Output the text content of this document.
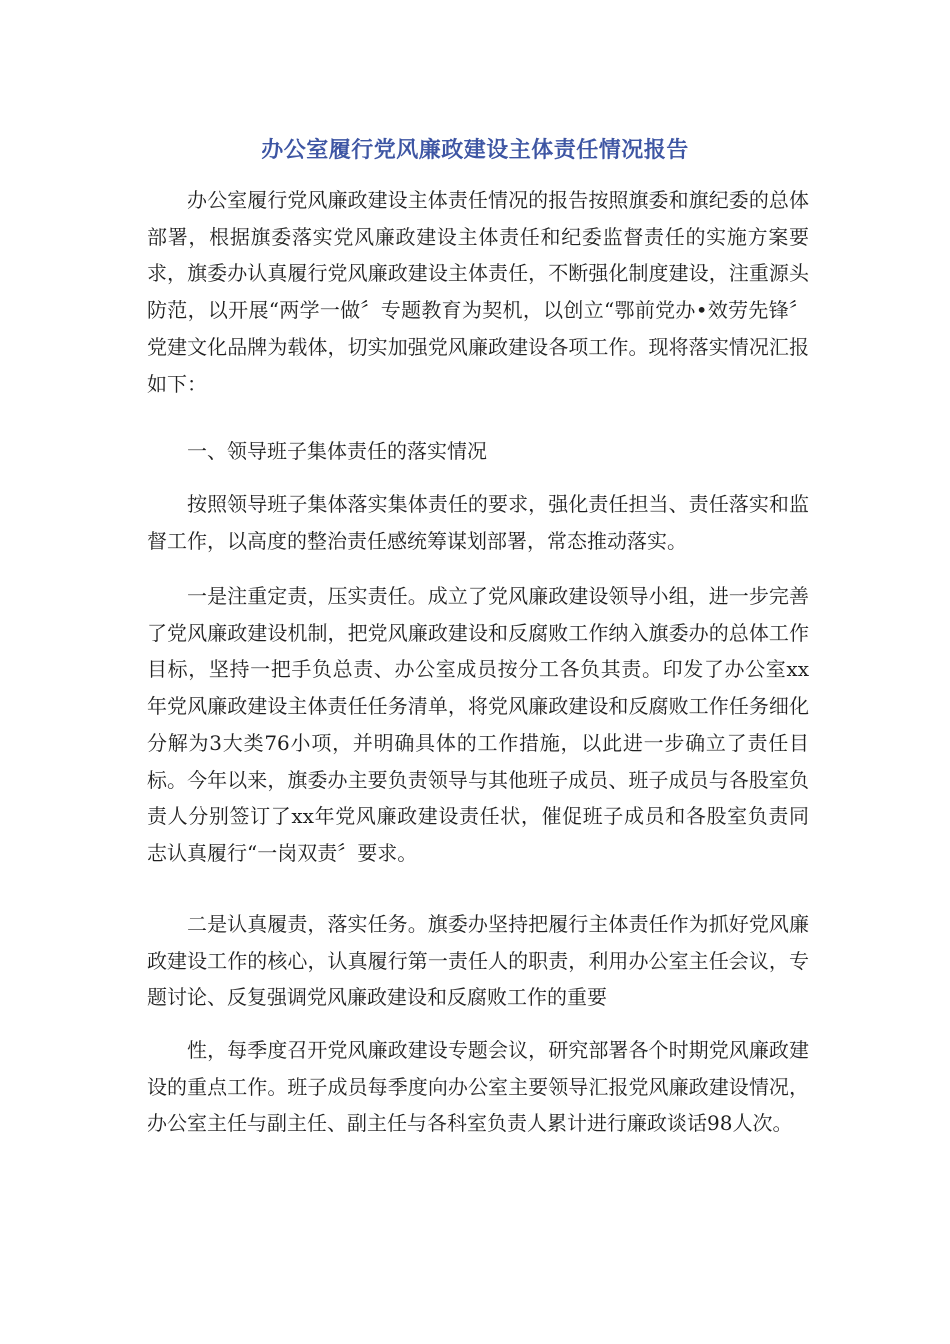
办公室履行党风廉政建设主体责任情况报告

办公室履行党风廉政建设主体责任情况的报告按照旗委和旗纪委的总体部署，根据旗委落实党风廉政建设主体责任和纪委监督责任的实施方案要求，旗委办认真履行党风廉政建设主体责任，不断强化制度建设，注重源头防范，以开展“两学一做〞专题教育为契机，以创立“鄂前党办•效劳先锋〞党建文化品牌为载体，切实加强党风廉政建设各项工作。现将落实情况汇报如下：

一、领导班子集体责任的落实情况

按照领导班子集体落实集体责任的要求，强化责任担当、责任落实和监督工作，以高度的整治责任感统筹谋划部署，常态推动落实。

一是注重定责，压实责任。成立了党风廉政建设领导小组，进一步完善了党风廉政建设机制，把党风廉政建设和反腐败工作纳入旗委办的总体工作目标，坚持一把手负总责、办公室成员按分工各负其责。印发了办公室xx年党风廉政建设主体责任任务清单，将党风廉政建设和反腐败工作任务细化分解为3大类76小项，并明确具体的工作措施，以此进一步确立了责任目标。今年以来，旗委办主要负责领导与其他班子成员、班子成员与各股室负责人分别签订了xx年党风廉政建设责任状，催促班子成员和各股室负责同志认真履行“一岗双责〞要求。

二是认真履责，落实任务。旗委办坚持把履行主体责任作为抓好党风廉政建设工作的核心，认真履行第一责任人的职责，利用办公室主任会议，专题讨论、反复强调党风廉政建设和反腐败工作的重要

性，每季度召开党风廉政建设专题会议，研究部署各个时期党风廉政建设的重点工作。班子成员每季度向办公室主要领导汇报党风廉政建设情况，办公室主任与副主任、副主任与各科室负责人累计进行廉政谈话98人次。
